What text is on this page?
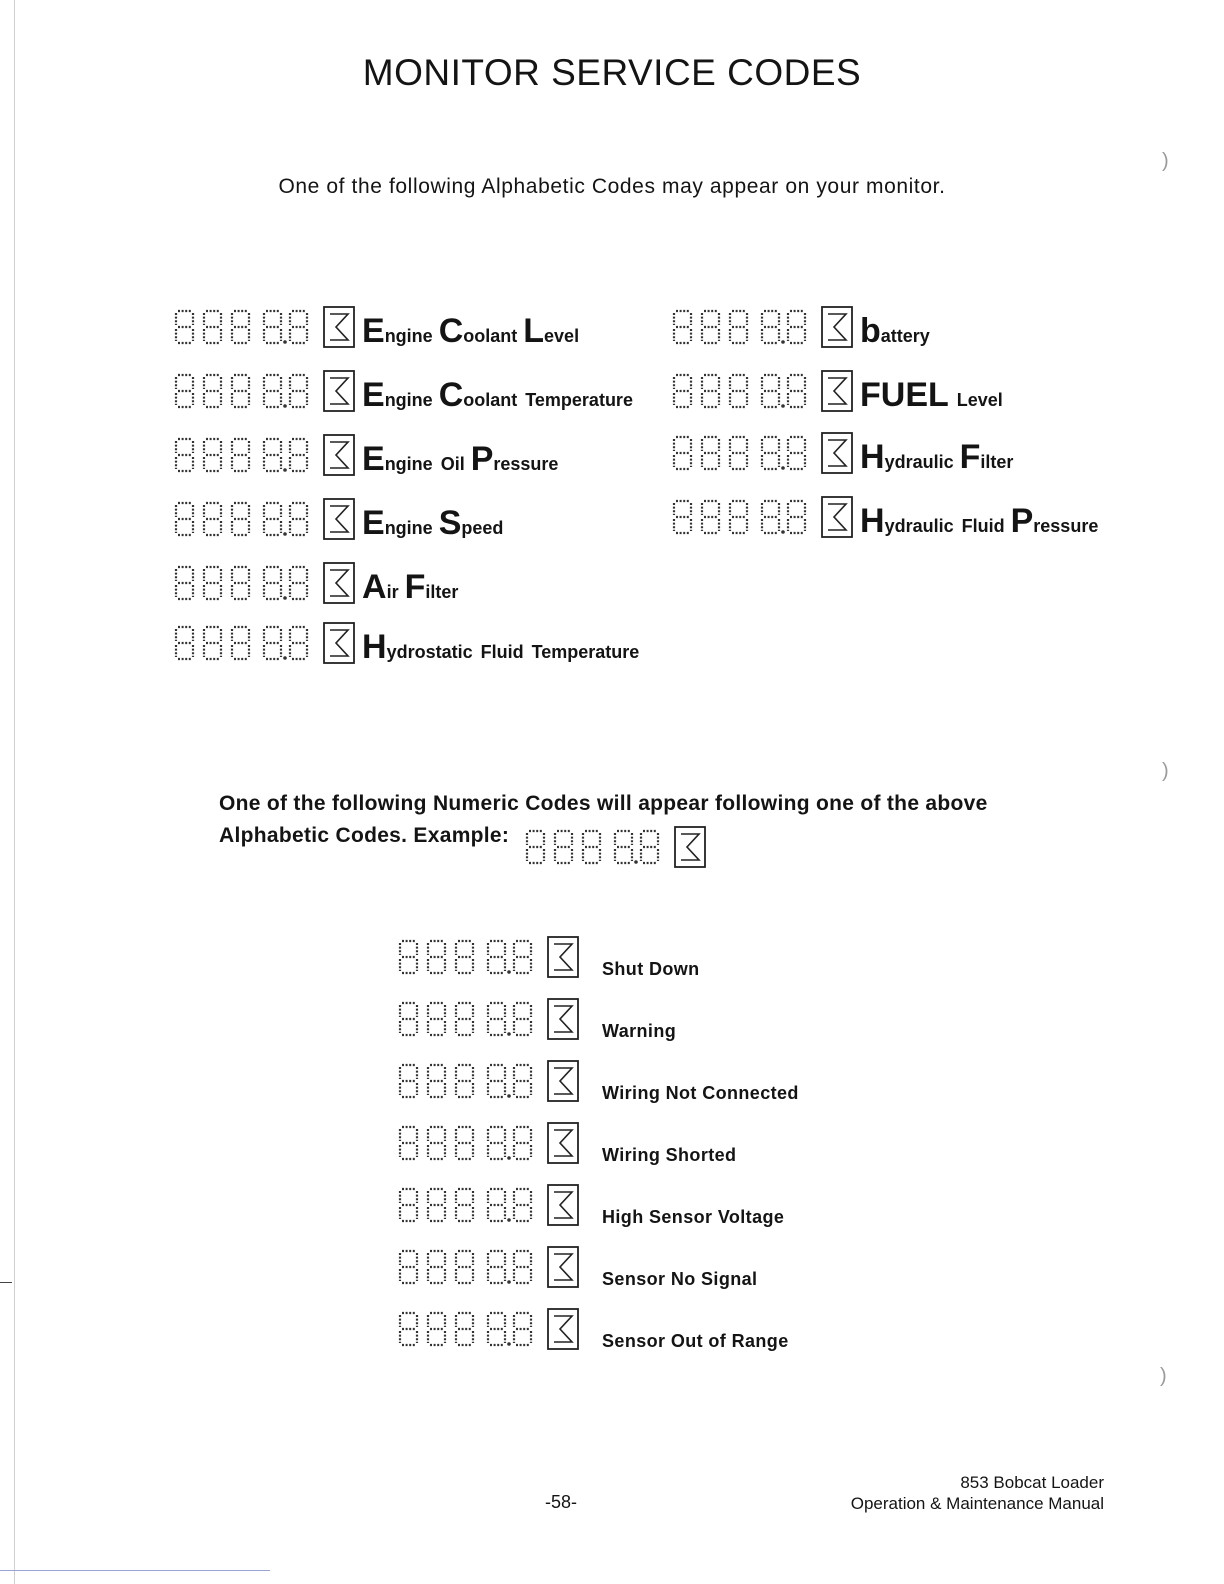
)
)
)
MONITOR SERVICE CODES
One of the following Alphabetic Codes may appear on your monitor.
E ngine C oolant L evel
E ngine C oolant Temperature
E ngine Oil P ressure
E ngine S peed
A ir F ilter
H ydrostatic Fluid Temperature
b attery
FUEL Level
H ydraulic F ilter
H ydraulic Fluid P ressure
One of the following Numeric Codes will appear following one of the above
Alphabetic Codes. Example:
Shut Down
Warning
Wiring Not Connected
Wiring Shorted
High Sensor Voltage
Sensor No Signal
Sensor Out of Range
-58-
853 Bobcat Loader
Operation & Maintenance Manual
